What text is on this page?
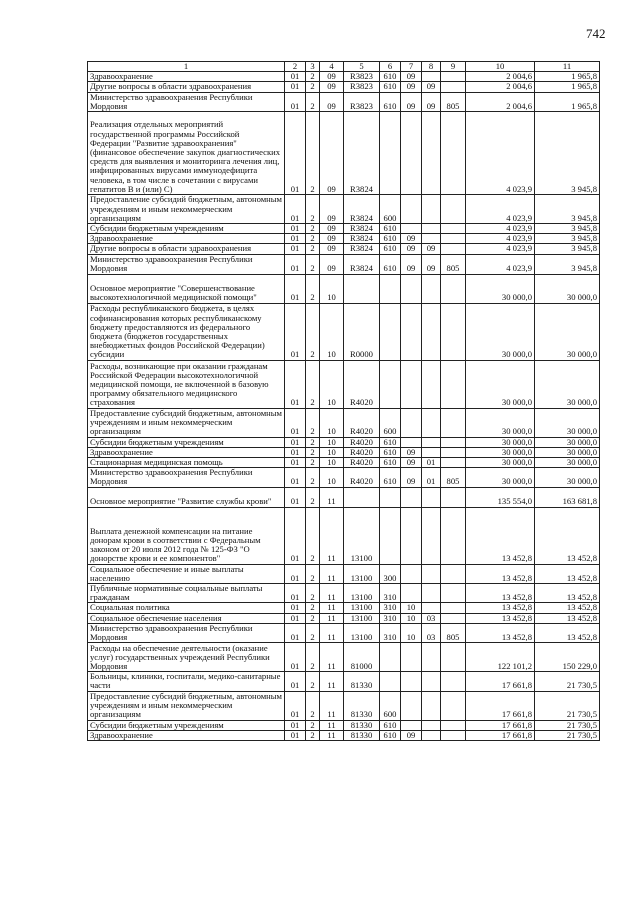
742
1	2	3	4	5	6	7	8	9	10	11
Здравоохранение	01	2	09	R3823	610	09			2 004,6	1 965,8
Другие вопросы в области здравоохранения	01	2	09	R3823	610	09	09		2 004,6	1 965,8
Министерство здравоохранения Республики Мордовия	01	2	09	R3823	610	09	09	805	2 004,6	1 965,8
Реализация отдельных мероприятий государственной программы Российской Федерации "Развитие здравоохранения" (финансовое обеспечение закупок диагностических средств для выявления и мониторинга лечения лиц, инфицированных вирусами иммунодефицита человека, в том числе в сочетании с вирусами гепатитов В и (или) С)	01	2	09	R3824					4 023,9	3 945,8
Предоставление субсидий бюджетным, автономным учреждениям и иным некоммерческим организациям	01	2	09	R3824	600				4 023,9	3 945,8
Субсидии бюджетным учреждениям	01	2	09	R3824	610				4 023,9	3 945,8
Здравоохранение	01	2	09	R3824	610	09			4 023,9	3 945,8
Другие вопросы в области здравоохранения	01	2	09	R3824	610	09	09		4 023,9	3 945,8
Министерство здравоохранения Республики Мордовия	01	2	09	R3824	610	09	09	805	4 023,9	3 945,8
Основное мероприятие "Совершенствование высокотехнологичной медицинской помощи"	01	2	10						30 000,0	30 000,0
Расходы республиканского бюджета, в целях софинансирования которых республиканскому бюджету предоставляются из федерального бюджета (бюджетов государственных внебюджетных фондов Российской Федерации) субсидии	01	2	10	R0000					30 000,0	30 000,0
Расходы, возникающие при оказании гражданам Российской Федерации высокотехнологичной медицинской помощи, не включенной в базовую программу обязательного медицинского страхования	01	2	10	R4020					30 000,0	30 000,0
Предоставление субсидий бюджетным, автономным учреждениям и иным некоммерческим организациям	01	2	10	R4020	600				30 000,0	30 000,0
Субсидии бюджетным учреждениям	01	2	10	R4020	610				30 000,0	30 000,0
Здравоохранение	01	2	10	R4020	610	09			30 000,0	30 000,0
Стационарная медицинская помощь	01	2	10	R4020	610	09	01		30 000,0	30 000,0
Министерство здравоохранения Республики Мордовия	01	2	10	R4020	610	09	01	805	30 000,0	30 000,0
Основное мероприятие "Развитие службы крови"	01	2	11						135 554,0	163 681,8
Выплата денежной компенсации на питание донорам крови в соответствии с Федеральным законом от 20 июля 2012 года № 125-ФЗ "О донорстве крови и ее компонентов"	01	2	11	13100					13 452,8	13 452,8
Социальное обеспечение и иные выплаты населению	01	2	11	13100	300				13 452,8	13 452,8
Публичные нормативные социальные выплаты гражданам	01	2	11	13100	310				13 452,8	13 452,8
Социальная политика	01	2	11	13100	310	10			13 452,8	13 452,8
Социальное обеспечение населения	01	2	11	13100	310	10	03		13 452,8	13 452,8
Министерство здравоохранения Республики Мордовия	01	2	11	13100	310	10	03	805	13 452,8	13 452,8
Расходы на обеспечение деятельности (оказание услуг) государственных учреждений Республики Мордовия	01	2	11	81000					122 101,2	150 229,0
Больницы, клиники, госпитали, медико-санитарные части	01	2	11	81330					17 661,8	21 730,5
Предоставление субсидий бюджетным, автономным учреждениям и иным некоммерческим организациям	01	2	11	81330	600				17 661,8	21 730,5
Субсидии бюджетным учреждениям	01	2	11	81330	610				17 661,8	21 730,5
Здравоохранение	01	2	11	81330	610	09			17 661,8	21 730,5
